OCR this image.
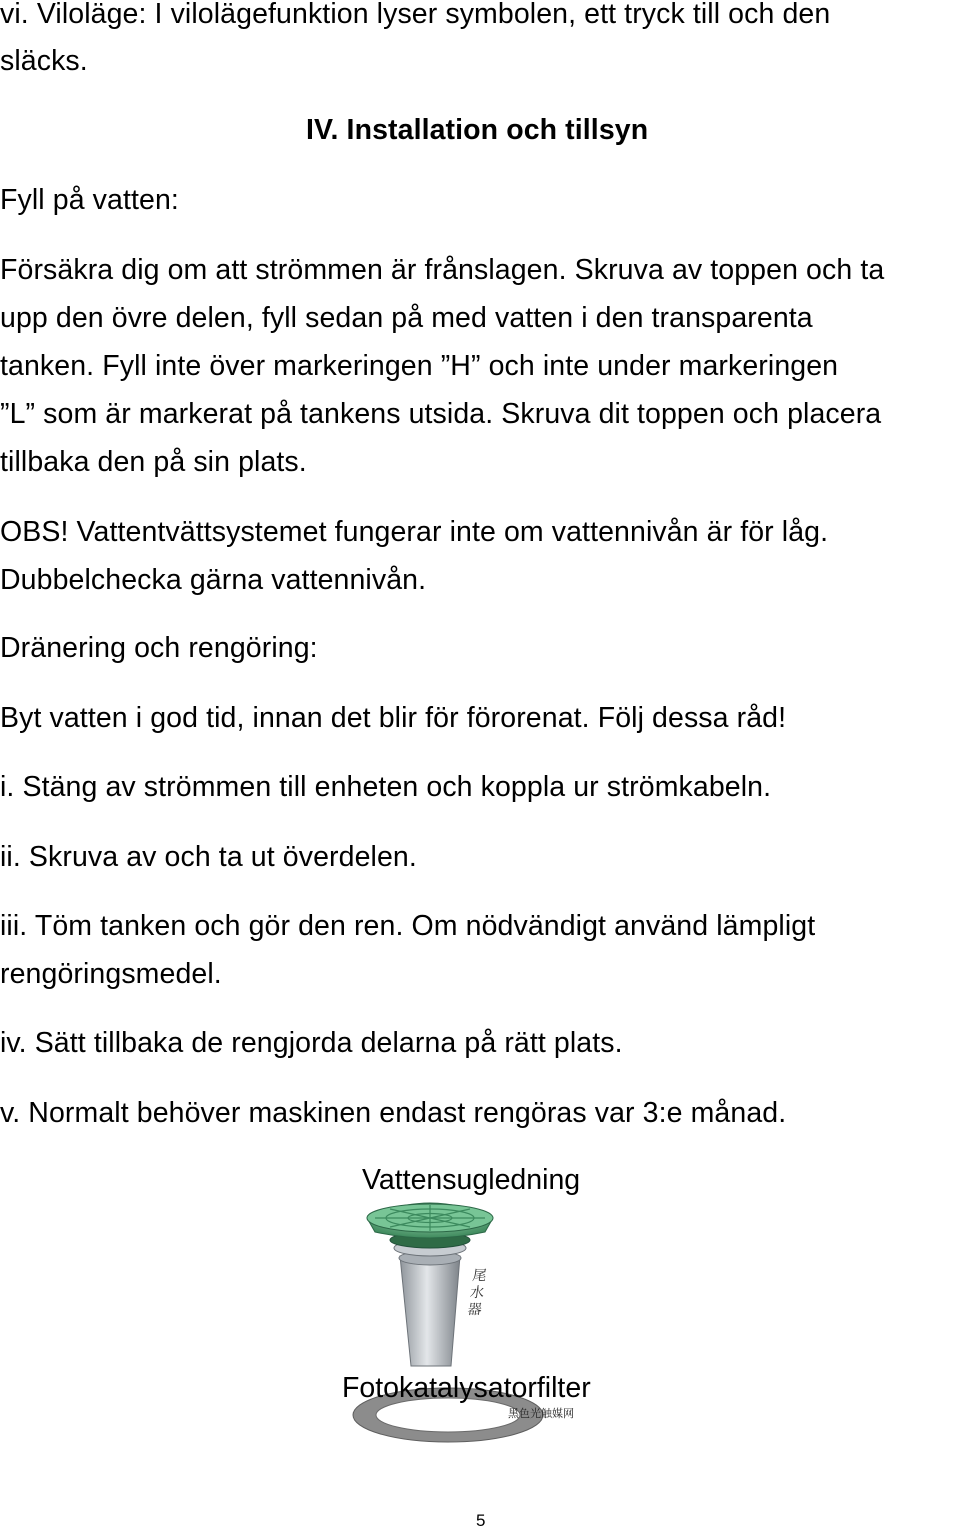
vi. Viloläge: I vilolägefunktion lyser symbolen, ett tryck till och den
släcks.
IV. Installation och tillsyn
Fyll på vatten:
Försäkra dig om att strömmen är frånslagen. Skruva av toppen och ta
upp den övre delen, fyll sedan på med vatten i den transparenta
tanken. Fyll inte över markeringen ”H” och inte under markeringen
”L” som är markerat på tankens utsida. Skruva dit toppen och placera
tillbaka den på sin plats.
OBS! Vattentvättsystemet fungerar inte om vattennivån är för låg.
Dubbelchecka gärna vattennivån.
Dränering och rengöring:
Byt vatten i god tid, innan det blir för förorenat. Följ dessa råd!
i. Stäng av strömmen till enheten och koppla ur strömkabeln.
ii. Skruva av och ta ut överdelen.
iii. Töm tanken och gör den ren. Om nödvändigt använd lämpligt
rengöringsmedel.
iv. Sätt tillbaka de rengjorda delarna på rätt plats.
v. Normalt behöver maskinen endast rengöras var 3:e månad.
尾水器
黑色光触媒网
Vattensugledning
Fotokatalysatorfilter
5
